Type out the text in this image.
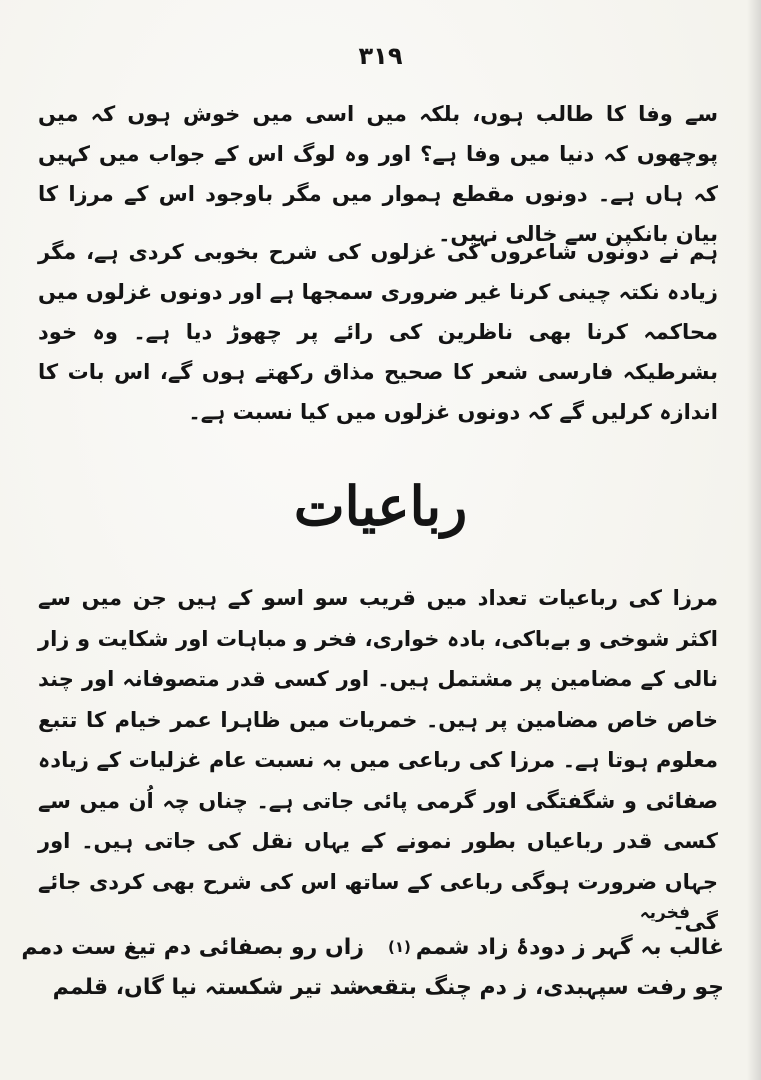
۳۱۹
سے وفا کا طالب ہوں، بلکہ میں اسی میں خوش ہوں کہ میں پوچھوں کہ دنیا میں وفا ہے؟ اور وہ لوگ اس کے جواب میں کہیں کہ ہاں ہے۔ دونوں مقطع ہموار میں مگر باوجود اس کے مرزا کا بیان بانکپن سے خالی نہیں۔
ہم نے دونوں شاعروں کی غزلوں کی شرح بخوبی کردی ہے، مگر زیادہ نکتہ چینی کرنا غیر ضروری سمجھا ہے اور دونوں غزلوں میں محاکمہ کرنا بھی ناظرین کی رائے پر چھوڑ دیا ہے۔ وہ خود بشرطیکہ فارسی شعر کا صحیح مذاق رکھتے ہوں گے، اس بات کا اندازہ کرلیں گے کہ دونوں غزلوں میں کیا نسبت ہے۔
رباعیات
مرزا کی رباعیات تعداد میں قریب سو اسو کے ہیں جن میں سے اکثر شوخی و بےباکی، بادہ خواری، فخر و مباہات اور شکایت و زار نالی کے مضامین پر مشتمل ہیں۔ اور کسی قدر متصوفانہ اور چند خاص خاص مضامین پر ہیں۔ خمریات میں ظاہرا عمر خیام کا تتبع معلوم ہوتا ہے۔ مرزا کی رباعی میں بہ نسبت عام غزلیات کے زیادہ صفائی و شگفتگی اور گرمی پائی جاتی ہے۔ چناں چہ اُن میں سے کسی قدر رباعیاں بطور نمونے کے یہاں نقل کی جاتی ہیں۔ اور جہاں ضرورت ہوگی رباعی کے ساتھ اس کی شرح بھی کردی جائے گی۔
فخریہ
غالب بہ گہر ز دودۂ زاد شمم
(۱)
زاں رو بصفائی دم تیغ ست دمم
چو رفت سپہبدی، ز دم چنگ بتقعہ
شد تیر شکستہ نیا گاں، قلمم
